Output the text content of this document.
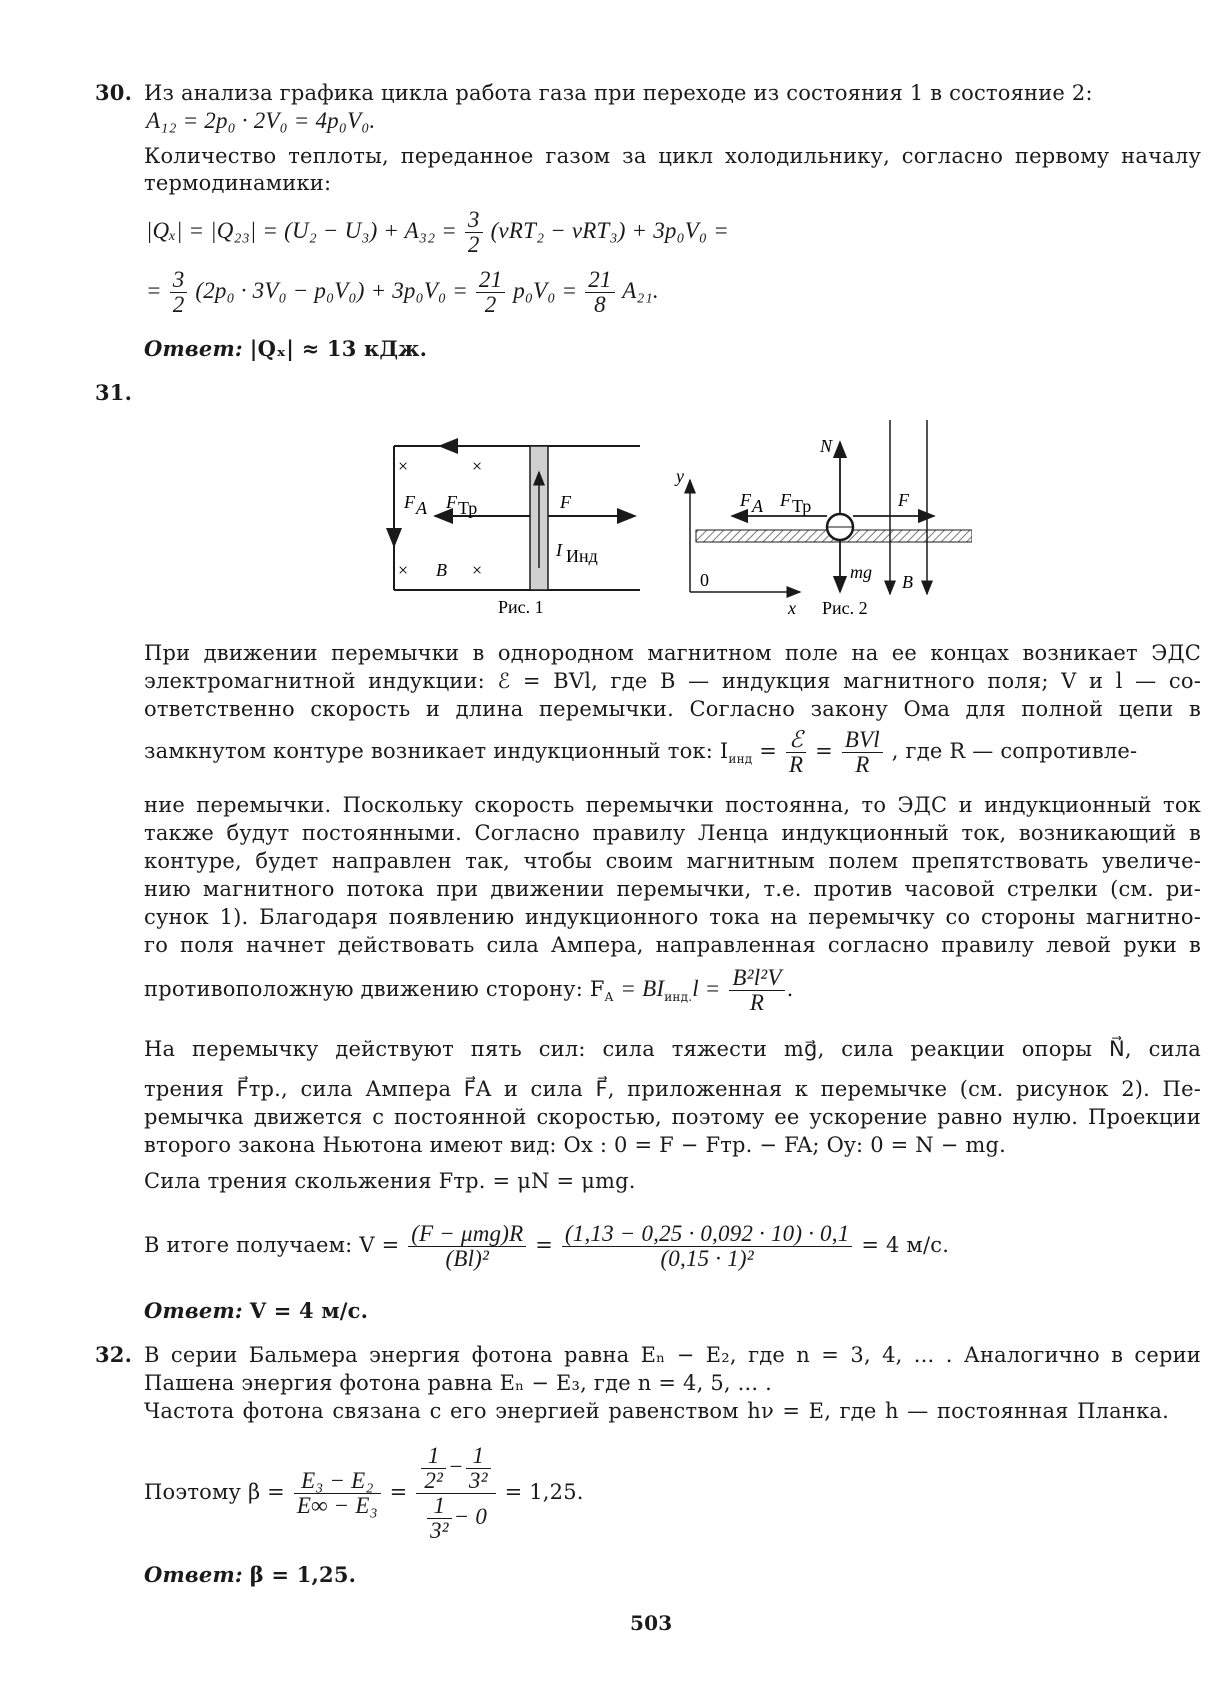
30. Из анализа графика цикла работа газа при переходе из состояния 1 в состояние 2:
A₁₂ = 2p₀ · 2V₀ = 4p₀V₀.
Количество теплоты, переданное газом за цикл холодильнику, согласно первому началу
термодинамики:
$|Q_x| = |Q_{23}| = (U_2 - U_3) + A_{32} = \frac{3}{2} (\nu RT_2 - \nu RT_3) + 3p_0V_0$ =
= $\frac{3}{2} (2p_0 \cdot 3V_0 - p_0V_0) + 3p_0V_0 = \frac{21}{2} p_0V_0 = \frac{21}{8} A_{21}$.
Ответ: |Qₓ| ≈ 13 кДж.
31.
×	×
×	×
F A F Тр	F
B
I Инд
Рис. 1
N
y
F A F Тр	F
mg B
0
x Рис. 2
При движении перемычки в однородном магнитном поле на ее концах возникает ЭДС
электромагнитной индукции: ℰ = BVl, где B — индукция магнитного поля; V и l — со-
ответственно скорость и длина перемычки. Согласно закону Ома для полной цепи в
замкнутом контуре возникает индукционный ток: $I_{инд} = \frac{\text{ℰ}}{R} = \frac{\text{BVl}}{R}$ , где R — сопротивле-
ние перемычки. Поскольку скорость перемычки постоянна, то ЭДС и индукционный ток
также будут постоянными. Согласно правилу Ленца индукционный ток, возникающий в
контуре, будет направлен так, чтобы своим магнитным полем препятствовать увеличе-
нию магнитного потока при движении перемычки, т.е. против часовой стрелки (см. ри-
сунок 1). Благодаря появлению индукционного тока на перемычку со стороны магнитно-
го поля начнет действовать сила Ампера, направленная согласно правилу левой руки в
противоположную движению сторону: $F_A = BI_{инд.}l = \frac{\text{B²l²V}}{R}$ .
На перемычку действуют пять сил: сила тяжести mg⃗, сила реакции опоры N⃗, сила
трения F⃗тр., сила Ампера F⃗A и сила F⃗, приложенная к перемычке (см. рисунок 2). Пе-
ремычка движется с постоянной скоростью, поэтому ее ускорение равно нулю. Проекции
второго закона Ньютона имеют вид: Ox : 0 = F − Fтр. − FA; Oy: 0 = N − mg.
Сила трения скольжения Fтр. = μN = μmg.
В итоге получаем: $V = \frac{\text{(F − μmg)R}}{\text{(Bl)²}} = \frac{(1,13 - 0,25 \cdot 0,092 \cdot 10) \cdot 0,1}{\text{(0,15 · 1)²}} = 4$ м/с.
Ответ: V = 4 м/с.
32. В серии Бальмера энергия фотона равна Eₙ − E₂, где n = 3, 4, ... . Аналогично в серии
Пашена энергия фотона равна Eₙ − E₃, где n = 4, 5, ... .
Частота фотона связана с его энергией равенством hν = E, где h — постоянная Планка.
Поэтому $\beta = \frac{\text{E₃ − E₂}}{\text{E∞ − E₃}} = \frac{\frac{1}{\text{2²}} - \frac{1}{\text{3²}}}{\frac{1}{\text{3²}} - 0} = 1,25$.
Ответ: β = 1,25.
503
